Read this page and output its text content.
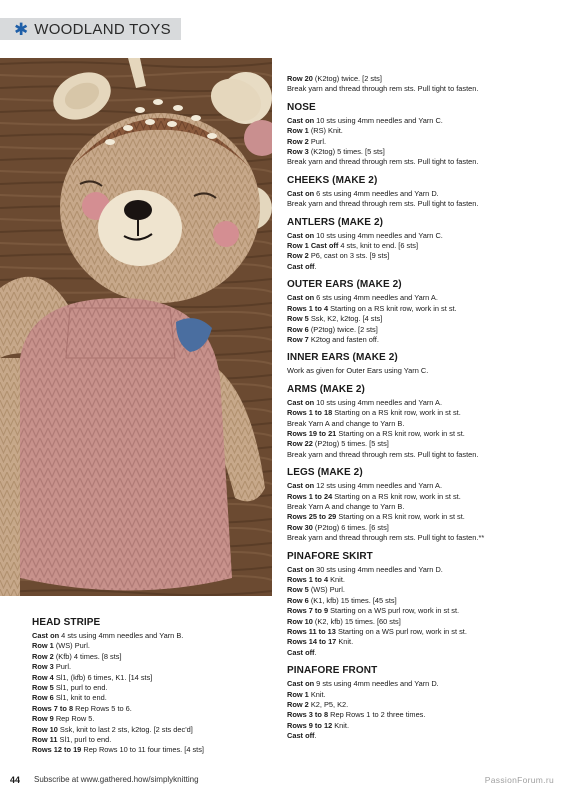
✱ WOODLAND TOYS
Row 20 (K2tog) twice. [2 sts]
Break yarn and thread through rem sts. Pull tight to fasten.
NOSE
Cast on 10 sts using 4mm needles and Yarn C.
Row 1 (RS) Knit.
Row 2 Purl.
Row 3 (K2tog) 5 times. [5 sts]
Break yarn and thread through rem sts. Pull tight to fasten.
CHEEKS (MAKE 2)
Cast on 6 sts using 4mm needles and Yarn D.
Break yarn and thread through rem sts. Pull tight to fasten.
ANTLERS (MAKE 2)
Cast on 10 sts using 4mm needles and Yarn C.
Row 1 Cast off 4 sts, knit to end. [6 sts]
Row 2 P6, cast on 3 sts. [9 sts]
Cast off.
OUTER EARS (MAKE 2)
Cast on 6 sts using 4mm needles and Yarn A.
Rows 1 to 4 Starting on a RS knit row, work in st st.
Row 5 Ssk, K2, k2tog. [4 sts]
Row 6 (P2tog) twice. [2 sts]
Row 7 K2tog and fasten off.
INNER EARS (MAKE 2)
Work as given for Outer Ears using Yarn C.
ARMS (MAKE 2)
Cast on 10 sts using 4mm needles and Yarn A.
Rows 1 to 18 Starting on a RS knit row, work in st st.
Break Yarn A and change to Yarn B.
Rows 19 to 21 Starting on a RS knit row, work in st st.
Row 22 (P2tog) 5 times. [5 sts]
Break yarn and thread through rem sts. Pull tight to fasten.
LEGS (MAKE 2)
Cast on 12 sts using 4mm needles and Yarn A.
Rows 1 to 24 Starting on a RS knit row, work in st st.
Break Yarn A and change to Yarn B.
Rows 25 to 29 Starting on a RS knit row, work in st st.
Row 30 (P2tog) 6 times. [6 sts]
Break yarn and thread through rem sts. Pull tight to fasten.**
PINAFORE SKIRT
Cast on 30 sts using 4mm needles and Yarn D.
Rows 1 to 4 Knit.
Row 5 (WS) Purl.
Row 6 (K1, kfb) 15 times. [45 sts]
Rows 7 to 9 Starting on a WS purl row, work in st st.
Row 10 (K2, kfb) 15 times. [60 sts]
Rows 11 to 13 Starting on a WS purl row, work in st st.
Rows 14 to 17 Knit.
Cast off.
PINAFORE FRONT
Cast on 9 sts using 4mm needles and Yarn D.
Row 1 Knit.
Row 2 K2, P5, K2.
Rows 3 to 8 Rep Rows 1 to 2 three times.
Rows 9 to 12 Knit.
Cast off.
HEAD STRIPE
Cast on 4 sts using 4mm needles and Yarn B.
Row 1 (WS) Purl.
Row 2 (Kfb) 4 times. [8 sts]
Row 3 Purl.
Row 4 Sl1, (kfb) 6 times, K1. [14 sts]
Row 5 Sl1, purl to end.
Row 6 Sl1, knit to end.
Rows 7 to 8 Rep Rows 5 to 6.
Row 9 Rep Row 5.
Row 10 Ssk, knit to last 2 sts, k2tog. [2 sts dec'd]
Row 11 Sl1, purl to end.
Rows 12 to 19 Rep Rows 10 to 11 four times. [4 sts]
44 Subscribe at www.gathered.how/simplyknitting	PassionForum.ru
